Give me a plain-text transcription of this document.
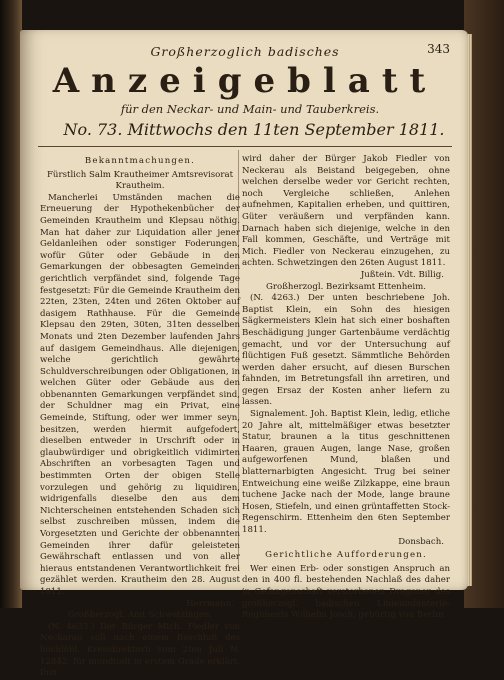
Großherzoglich badisches	343
Anzeigeblatt
für den Neckar- und Main- und Tauberkreis.
No. 73. Mittwochs den 11ten September 1811.

Bekanntmachungen.

Fürstlich Salm Krautheimer Amtsrevisorat Krautheim.

Mancherlei Umständen machen die Erneuerung der Hypothekenbücher der Gemeinden Krautheim und Klepsau nöthig. Man hat daher zur Liquidation aller jener Geldanleihen oder sonstiger Foderungen, wofür Güter oder Gebäude in den Gemarkungen der obbesagten Gemeinden gerichtlich verpfändet sind, folgende Tage festgesetzt: Für die Gemeinde Krautheim den 22ten, 23ten, 24ten und 26ten Oktober auf dasigem Rathhause. Für die Gemeinde Klepsau den 29ten, 30ten, 31ten desselben Monats und 2ten Dezember laufenden Jahrs auf dasigem Gemeindhaus. Alle diejenigen, welche gerichtlich gewährte Schuldverschreibungen oder Obligationen, in welchen Güter oder Gebäude aus den obbenannten Gemarkungen verpfändet sind, der Schuldner mag ein Privat, eine Gemeinde, Stiftung, oder wer immer seyn, besitzen, werden hiermit aufgefodert, dieselben entweder in Urschrift oder in glaubwürdiger und obrigkeitlich vidimirten Abschriften an vorbesagten Tagen und bestimmten Orten der obigen Stelle vorzulegen und gehörig zu liquidiren, widrigenfalls dieselbe den aus dem Nichterscheinen entstehenden Schaden sich selbst zuschreiben müssen, indem die Vorgesetzten und Gerichte der obbenannten Gemeinden ihrer dafür geleisteten Gewährschaft entlassen und von aller hieraus entstandenen Verantwortlichkeit frei gezählet werden. Krautheim den 28. August 1811.

Herrmann.

Großherzogl. Amt Schwetzingen.

(N. 4633.) Der Bürger Mich. Fiedler von Neckarau soll nach einem Beschluß des hochlöbl. Kreisdirektorii vom 2ten Juli N. 12842. für mundtodt in erstem Grade erklärt. Ihm

wird daher der Bürger Jakob Fiedler von Neckerau als Beistand beigegeben, ohne welchen derselbe weder vor Gericht rechten, noch Vergleiche schließen, Anlehen aufnehmen, Kapitalien erheben, und quittiren, Güter veräußern und verpfänden kann. Darnach haben sich diejenige, welche in den Fall kommen, Geschäfte, und Verträge mit Mich. Fiedler von Neckerau einzugehen, zu achten. Schwetzingen den 26ten August 1811.

Jußtein. Vdt. Billig.

Großherzogl. Bezirksamt Ettenheim.

(N. 4263.) Der unten beschriebene Joh. Baptist Klein, ein Sohn des hiesigen Sägkermeisters Klein hat sich einer boshaften Beschädigung junger Gartenbäume verdächtig gemacht, und vor der Untersuchung auf flüchtigen Fuß gesetzt. Sämmtliche Behörden werden daher ersucht, auf diesen Burschen fahnden, im Betretungsfall ihn arretiren, und gegen Ersaz der Kosten anher liefern zu lassen.

Signalement. Joh. Baptist Klein, ledig, etliche 20 Jahre alt, mittelmäßiger etwas besetzter Statur, braunen a la titus geschnittenen Haaren, grauen Augen, lange Nase, großen aufgeworfenen Mund, blaßen und blatternarbigten Angesicht. Trug bei seiner Entweichung eine weiße Zilzkappe, eine braun tuchene Jacke nach der Mode, lange braune Hosen, Stiefeln, und einen grüntaffetten Stock-Regenschirm. Ettenheim den 6ten September 1811.

Donsbach.

Gerichtliche Aufforderungen.

Wer einen Erb- oder sonstigen Anspruch an den in 400 fl. bestehenden Nachlaß des daher in Gefangenschaft verstorbenen Dragoner des großherzogl. badischen Linieninfanterie-Regiments Wilhelm Josch, gebürtig von Berlin
